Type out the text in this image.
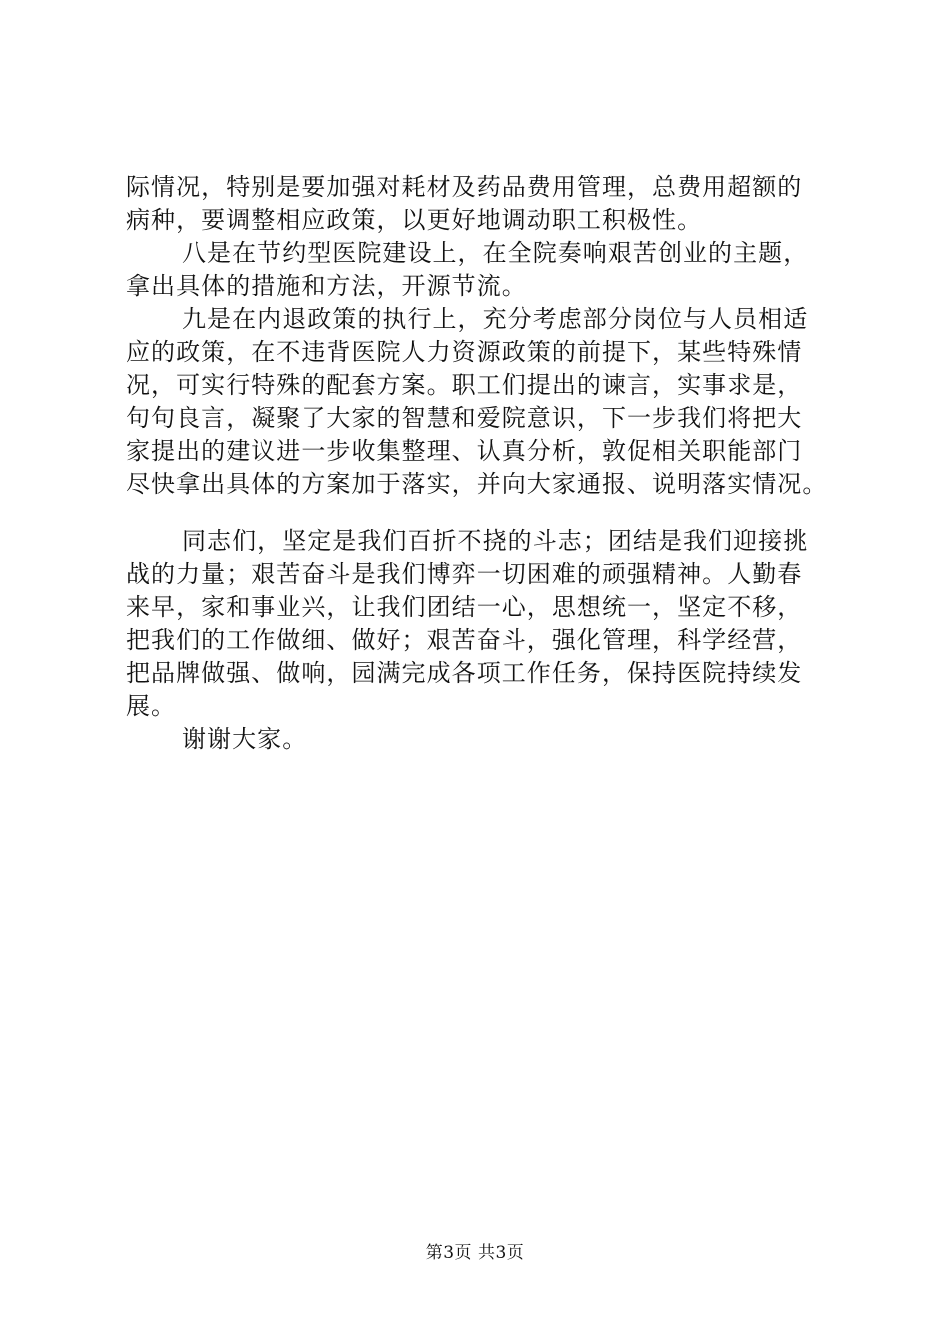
际情况，特别是要加强对耗材及药品费用管理，总费用超额的
病种，要调整相应政策，以更好地调动职工积极性。
八是在节约型医院建设上，在全院奏响艰苦创业的主题，
拿出具体的措施和方法，开源节流。
九是在内退政策的执行上，充分考虑部分岗位与人员相适
应的政策，在不违背医院人力资源政策的前提下，某些特殊情
况，可实行特殊的配套方案。职工们提出的谏言，实事求是，
句句良言，凝聚了大家的智慧和爱院意识，下一步我们将把大
家提出的建议进一步收集整理、认真分析，敦促相关职能部门
尽快拿出具体的方案加于落实，并向大家通报、说明落实情况。
同志们，坚定是我们百折不挠的斗志；团结是我们迎接挑
战的力量；艰苦奋斗是我们博弈一切困难的顽强精神。人勤春
来早，家和事业兴，让我们团结一心，思想统一，坚定不移，
把我们的工作做细、做好；艰苦奋斗，强化管理，科学经营，
把品牌做强、做响，园满完成各项工作任务，保持医院持续发
展。
谢谢大家。
第3页 共3页
